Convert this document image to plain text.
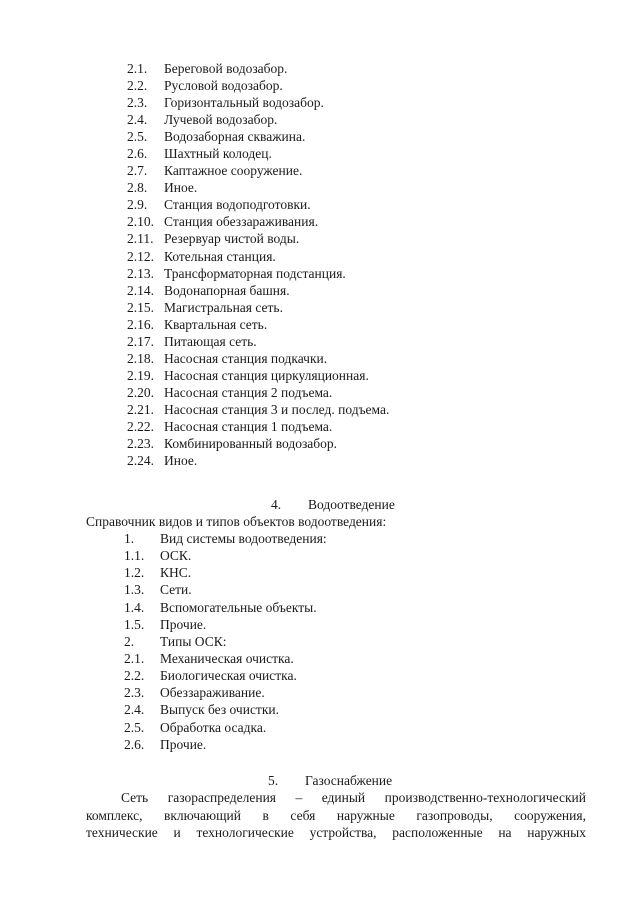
2.1.	Береговой водозабор.
2.2.	Русловой водозабор.
2.3.	Горизонтальный водозабор.
2.4.	Лучевой водозабор.
2.5.	Водозаборная скважина.
2.6.	Шахтный колодец.
2.7.	Каптажное сооружение.
2.8.	Иное.
2.9.	Станция водоподготовки.
2.10. Станция обеззараживания.
2.11. Резервуар чистой воды.
2.12. Котельная станция.
2.13. Трансформаторная подстанция.
2.14. Водонапорная башня.
2.15. Магистральная сеть.
2.16. Квартальная сеть.
2.17. Питающая сеть.
2.18. Насосная станция подкачки.
2.19. Насосная станция циркуляционная.
2.20. Насосная станция 2 подъема.
2.21. Насосная станция 3 и послед. подъема.
2.22. Насосная станция 1 подъема.
2.23. Комбинированный водозабор.
2.24. Иное.
4. Водоотведение
Справочник видов и типов объектов водоотведения:
1.	Вид системы водоотведения:
1.1.	ОСК.
1.2.	КНС.
1.3.	Сети.
1.4.	Вспомогательные объекты.
1.5.	Прочие.
2.	Типы ОСК:
2.1.	Механическая очистка.
2.2.	Биологическая очистка.
2.3.	Обеззараживание.
2.4.	Выпуск без очистки.
2.5.	Обработка осадка.
2.6.	Прочие.
5. Газоснабжение
Сеть газораспределения – единый производственно-технологический
комплекс, включающий в себя наружные газопроводы, сооружения,
технические и технологические устройства, расположенные на наружных
